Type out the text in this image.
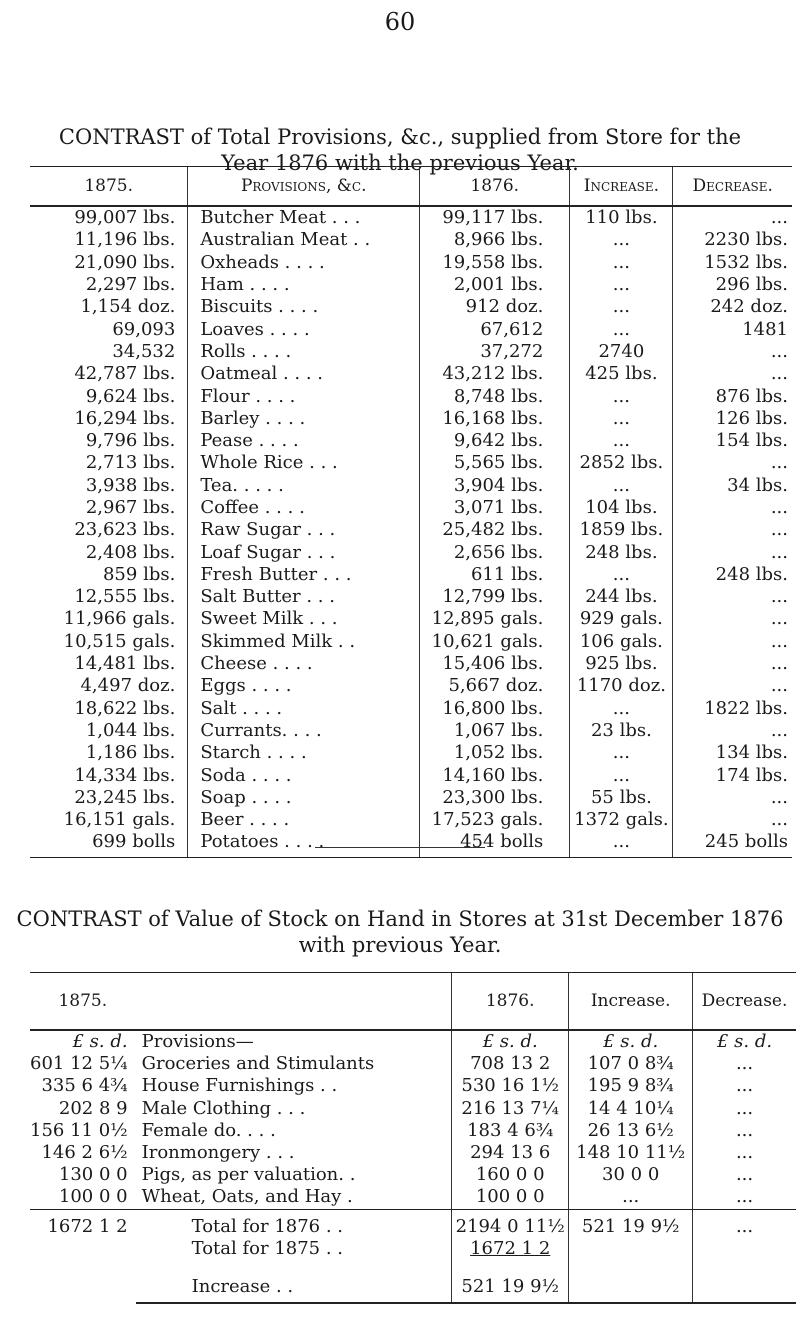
60
CONTRAST of Total Provisions, &c., supplied from Store for the
Year 1876 with the previous Year.
1875.	Provisions, &c.	1876.	Increase.	Decrease.
99,007 lbs.	Butcher Meat . . .	99,117 lbs.	110 lbs.	...
11,196 lbs.	Australian Meat . .	8,966 lbs.	...	2230 lbs.
21,090 lbs.	Oxheads . . . .	19,558 lbs.	...	1532 lbs.
2,297 lbs.	Ham . . . .	2,001 lbs.	...	296 lbs.
1,154 doz.	Biscuits . . . .	912 doz.	...	242 doz.
69,093	Loaves . . . .	67,612	...	1481
34,532	Rolls . . . .	37,272	2740	...
42,787 lbs.	Oatmeal . . . .	43,212 lbs.	425 lbs.	...
9,624 lbs.	Flour . . . .	8,748 lbs.	...	876 lbs.
16,294 lbs.	Barley . . . .	16,168 lbs.	...	126 lbs.
9,796 lbs.	Pease . . . .	9,642 lbs.	...	154 lbs.
2,713 lbs.	Whole Rice . . .	5,565 lbs.	2852 lbs.	...
3,938 lbs.	Tea. . . . .	3,904 lbs.	...	34 lbs.
2,967 lbs.	Coffee . . . .	3,071 lbs.	104 lbs.	...
23,623 lbs.	Raw Sugar . . .	25,482 lbs.	1859 lbs.	...
2,408 lbs.	Loaf Sugar . . .	2,656 lbs.	248 lbs.	...
859 lbs.	Fresh Butter . . .	611 lbs.	...	248 lbs.
12,555 lbs.	Salt Butter . . .	12,799 lbs.	244 lbs.	...
11,966 gals.	Sweet Milk . . .	12,895 gals.	929 gals.	...
10,515 gals.	Skimmed Milk . .	10,621 gals.	106 gals.	...
14,481 lbs.	Cheese . . . .	15,406 lbs.	925 lbs.	...
4,497 doz.	Eggs . . . .	5,667 doz.	1170 doz.	...
18,622 lbs.	Salt . . . .	16,800 lbs.	...	1822 lbs.
1,044 lbs.	Currants. . . .	1,067 lbs.	23 lbs.	...
1,186 lbs.	Starch . . . .	1,052 lbs.	...	134 lbs.
14,334 lbs.	Soda . . . .	14,160 lbs.	...	174 lbs.
23,245 lbs.	Soap . . . .	23,300 lbs.	55 lbs.	...
16,151 gals.	Beer . . . .	17,523 gals.	1372 gals.	...
699 bolls	Potatoes . . . .	454 bolls	...	245 bolls
CONTRAST of Value of Stock on Hand in Stores at 31st December 1876
with previous Year.
1875.		1876.	Increase.	Decrease.
£ s. d.	Provisions—	£ s. d.	£ s. d.	£ s. d.
601 12 5¼	Groceries and Stimulants	708 13 2	107 0 8¾	...
335 6 4¾	House Furnishings . .	530 16 1½	195 9 8¾	...
202 8 9	Male Clothing . . .	216 13 7¼	14 4 10¼	...
156 11 0½	Female do. . . .	183 4 6¾	26 13 6½	...
146 2 6½	Ironmongery . . .	294 13 6	148 10 11½	...
130 0 0	Pigs, as per valuation. .	160 0 0	30 0 0	...
100 0 0	Wheat, Oats, and Hay .	100 0 0	...	...
1672 1 2	Total for 1876 . .	2194 0 11½	521 19 9½	...
	Total for 1875 . .	1672 1 2		
	Increase . .	521 19 9½		
